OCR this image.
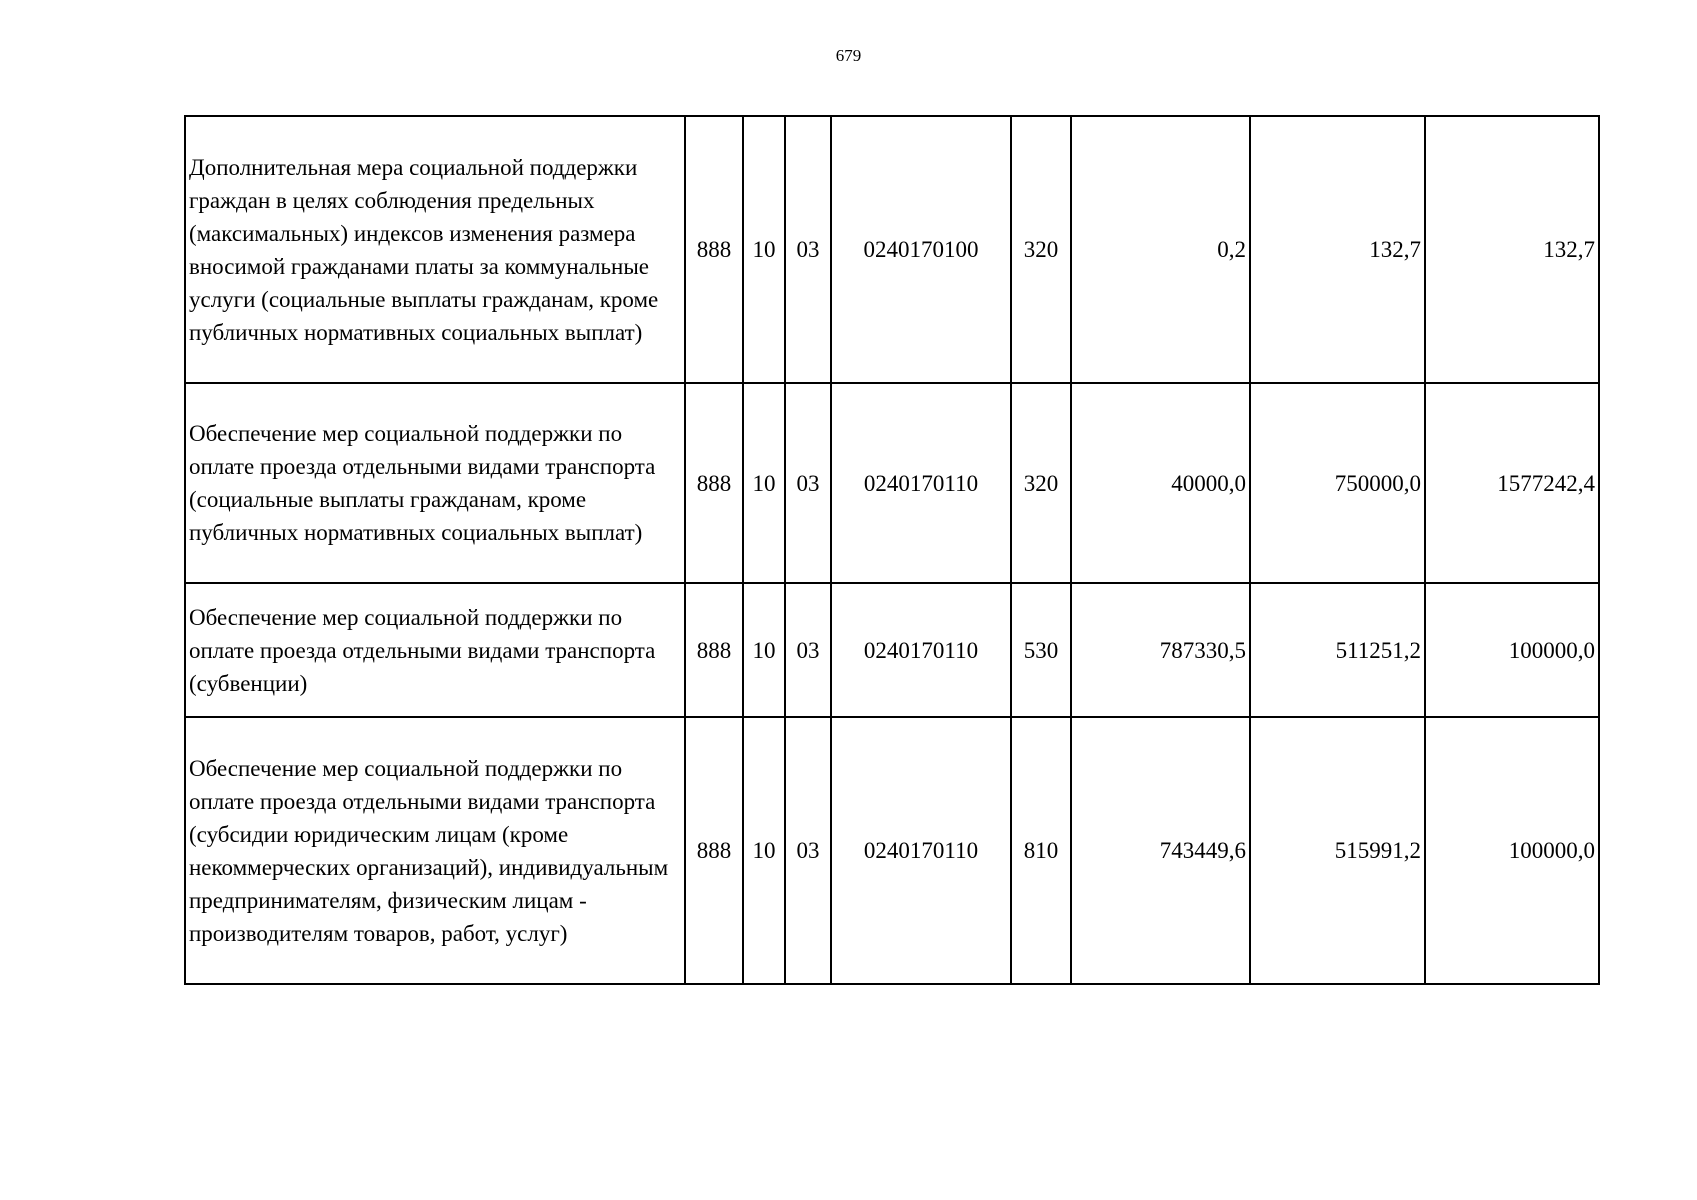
679
Дополнительная мера социальной поддержки граждан в целях соблюдения предельных (максимальных) индексов изменения размера вносимой гражданами платы за коммунальные услуги (социальные выплаты гражданам, кроме публичных нормативных социальных выплат)	888	10	03	0240170100	320	0,2	132,7	132,7
Обеспечение мер социальной поддержки по оплате проезда отдельными видами транспорта (социальные выплаты гражданам, кроме публичных нормативных социальных выплат)	888	10	03	0240170110	320	40000,0	750000,0	1577242,4
Обеспечение мер социальной поддержки по оплате проезда отдельными видами транспорта (субвенции)	888	10	03	0240170110	530	787330,5	511251,2	100000,0
Обеспечение мер социальной поддержки по оплате проезда отдельными видами транспорта (субсидии юридическим лицам (кроме некоммерческих организаций), индивидуальным предпринимателям, физическим лицам - производителям товаров, работ, услуг)	888	10	03	0240170110	810	743449,6	515991,2	100000,0
